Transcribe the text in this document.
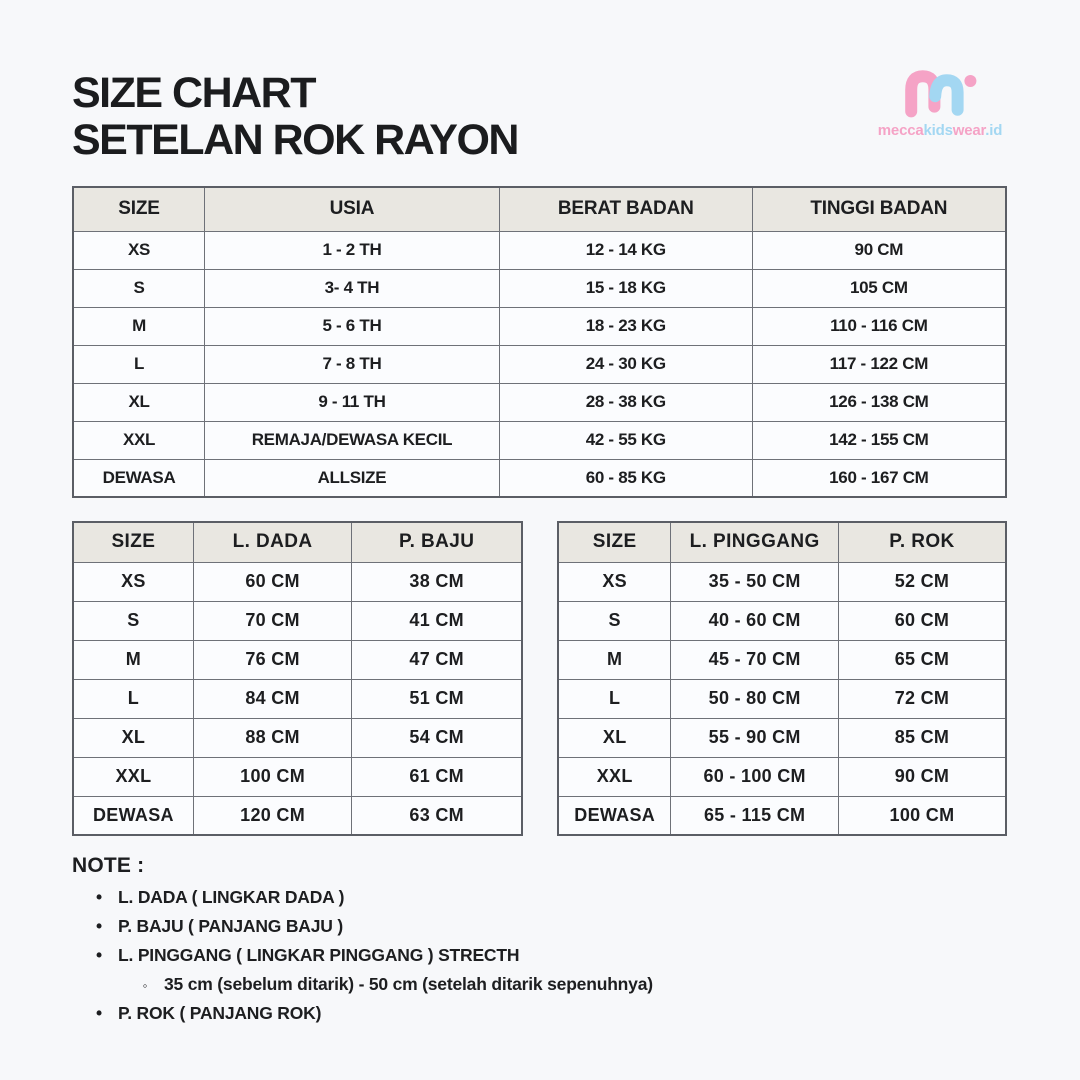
SIZE CHART
SETELAN ROK RAYON	meccakidswear.id
SIZE	USIA	BERAT BADAN	TINGGI BADAN
XS	1 - 2 TH	12 - 14 KG	90 CM
S	3- 4 TH	15 - 18 KG	105 CM
M	5 - 6 TH	18 - 23 KG	110 - 116 CM
L	7 - 8 TH	24 - 30 KG	117 - 122 CM
XL	9 - 11 TH	28 - 38 KG	126 - 138 CM
XXL	REMAJA/DEWASA KECIL	42 - 55 KG	142 - 155 CM
DEWASA	ALLSIZE	60 - 85 KG	160 - 167 CM
SIZE	L. DADA	P. BAJU
XS	60 CM	38 CM
S	70 CM	41 CM
M	76 CM	47 CM
L	84 CM	51 CM
XL	88 CM	54 CM
XXL	100 CM	61 CM
DEWASA	120 CM	63 CM
SIZE	L. PINGGANG	P. ROK
XS	35 - 50 CM	52 CM
S	40 - 60 CM	60 CM
M	45 - 70 CM	65 CM
L	50 - 80 CM	72 CM
XL	55 - 90 CM	85 CM
XXL	60 - 100 CM	90 CM
DEWASA	65 - 115 CM	100 CM
NOTE :
• L. DADA ( LINGKAR DADA )
• P. BAJU ( PANJANG BAJU )
• L. PINGGANG ( LINGKAR PINGGANG ) STRECTH
◦ 35 cm (sebelum ditarik) - 50 cm (setelah ditarik sepenuhnya)
• P. ROK ( PANJANG ROK)
